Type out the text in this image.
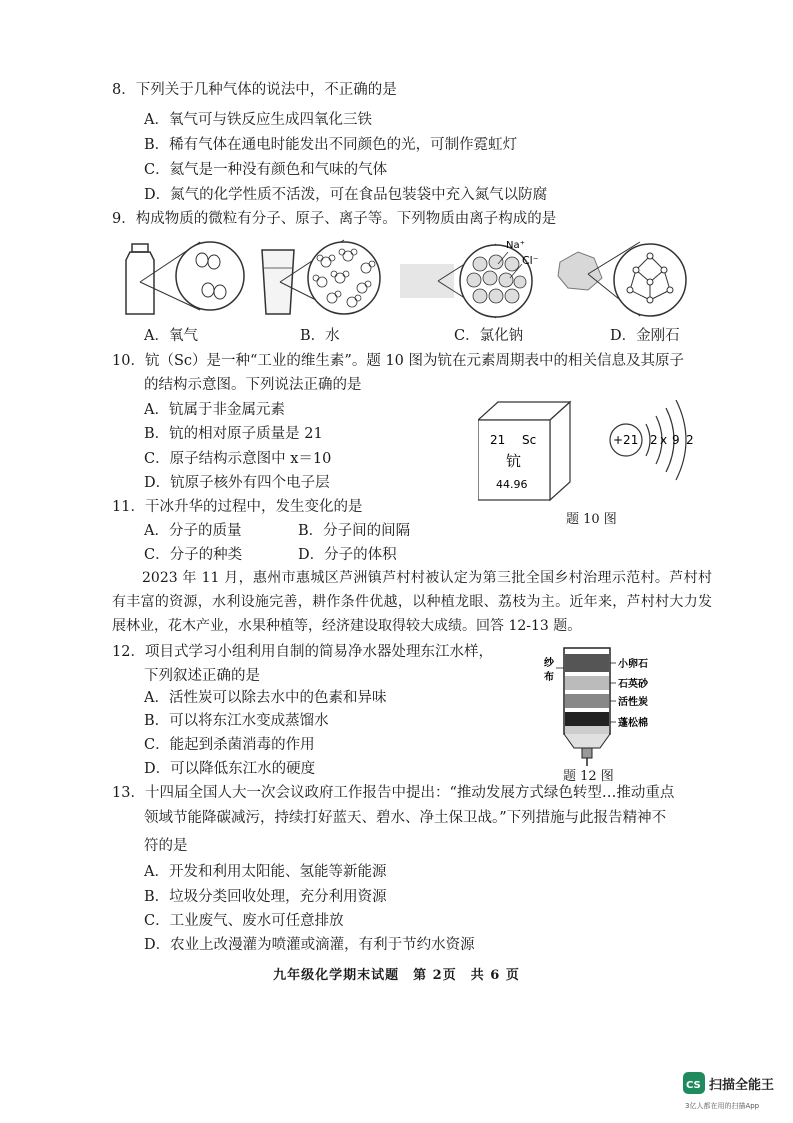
8．下列关于几种气体的说法中，不正确的是
A．氧气可与铁反应生成四氧化三铁
B．稀有气体在通电时能发出不同颜色的光，可制作霓虹灯
C．氦气是一种没有颜色和气味的气体
D．氮气的化学性质不活泼，可在食品包装袋中充入氮气以防腐
9．构成物质的微粒有分子、原子、离子等。下列物质由离子构成的是
Na⁺
Cl⁻
A．氧气	B．水	C．氯化钠	D．金刚石
10．钪（Sc）是一种“工业的维生素”。题 10 图为钪在元素周期表中的相关信息及其原子
的结构示意图。下列说法正确的是
A．钪属于非金属元素
B．钪的相对原子质量是 21
C．原子结构示意图中 x＝10
D．钪原子核外有四个电子层
21 Sc
钪
44.96
+21 2 x 9 2
题 10 图
11．干冰升华的过程中，发生变化的是
A．分子的质量	B．分子间的间隔
C．分子的种类	D．分子的体积
2023 年 11 月，惠州市惠城区芦洲镇芦村村被认定为第三批全国乡村治理示范村。芦村村有丰富的资源，水利设施完善，耕作条件优越，以种植龙眼、荔枝为主。近年来，芦村村大力发展林业，花木产业，水果种植等，经济建设取得较大成绩。回答 12-13 题。
12．项目式学习小组利用自制的简易净水器处理东江水样，
下列叙述正确的是
A．活性炭可以除去水中的色素和异味
B．可以将东江水变成蒸馏水
C．能起到杀菌消毒的作用
D．可以降低东江水的硬度
纱
布
小卵石
石英砂
活性炭
蓬松棉
题 12 图
13．十四届全国人大一次会议政府工作报告中提出：“推动发展方式绿色转型…推动重点
领域节能降碳减污，持续打好蓝天、碧水、净土保卫战。”下列措施与此报告精神不
符的是
A．开发和利用太阳能、氢能等新能源
B．垃圾分类回收处理，充分利用资源
C．工业废气、废水可任意排放
D．农业上改漫灌为喷灌或滴灌，有利于节约水资源
九年级化学期末试题　第 2页　共 6 页
CS 扫描全能王
3亿人都在用的扫描App
